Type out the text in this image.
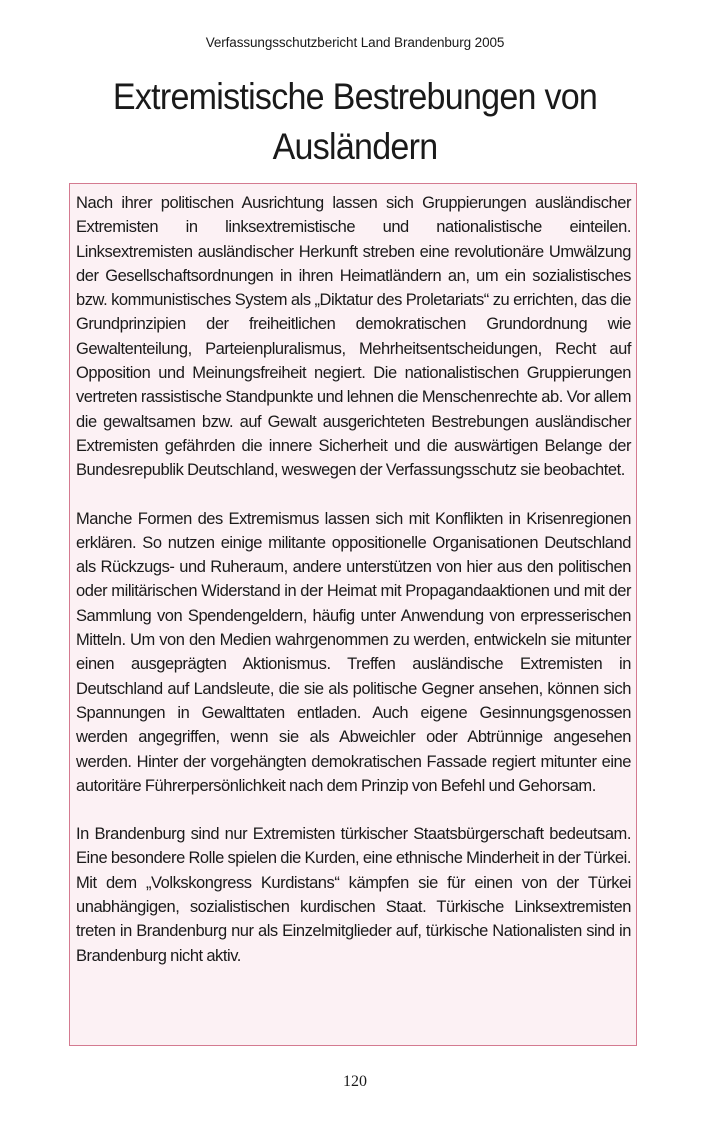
Verfassungsschutzbericht Land Brandenburg 2005
Extremistische Bestrebungen von
Ausländern

Nach ihrer politischen Ausrichtung lassen sich Gruppierungen ausländischer Extremisten in linksextremistische und nationalistische einteilen. Linksextremisten ausländischer Herkunft streben eine revolutionäre Umwälzung der Gesellschaftsordnungen in ihren Heimatländern an, um ein sozialistisches bzw. kommunistisches System als „Diktatur des Proletariats“ zu errichten, das die Grundprinzipien der freiheitlichen demokratischen Grundordnung wie Gewaltenteilung, Parteienpluralismus, Mehrheitsentscheidungen, Recht auf Opposition und Meinungsfreiheit negiert. Die nationalistischen Gruppierungen vertreten rassistische Standpunkte und lehnen die Menschenrechte ab. Vor allem die gewaltsamen bzw. auf Gewalt ausgerichteten Bestrebungen ausländischer Extremisten gefährden die innere Sicherheit und die auswärtigen Belange der Bundesrepublik Deutschland, weswegen der Verfassungsschutz sie beobachtet.

Manche Formen des Extremismus lassen sich mit Konflikten in Krisenregionen erklären. So nutzen einige militante oppositionelle Organisationen Deutschland als Rückzugs- und Ruheraum, andere unterstützen von hier aus den politischen oder militärischen Widerstand in der Heimat mit Propagandaaktionen und mit der Sammlung von Spendengeldern, häufig unter Anwendung von erpresserischen Mitteln. Um von den Medien wahrgenommen zu werden, entwickeln sie mitunter einen ausgeprägten Aktionismus. Treffen ausländische Extremisten in Deutschland auf Landsleute, die sie als politische Gegner ansehen, können sich Spannungen in Gewalttaten entladen. Auch eigene Gesinnungsgenossen werden angegriffen, wenn sie als Abweichler oder Abtrünnige angesehen werden. Hinter der vorgehängten demokratischen Fassade regiert mitunter eine autoritäre Führerpersönlichkeit nach dem Prinzip von Befehl und Gehorsam.

In Brandenburg sind nur Extremisten türkischer Staatsbürgerschaft bedeutsam. Eine besondere Rolle spielen die Kurden, eine ethnische Minderheit in der Türkei. Mit dem „Volkskongress Kurdistans“ kämpfen sie für einen von der Türkei unabhängigen, sozialistischen kurdischen Staat. Türkische Linksextremisten treten in Brandenburg nur als Einzelmitglieder auf, türkische Nationalisten sind in Brandenburg nicht aktiv.

120
